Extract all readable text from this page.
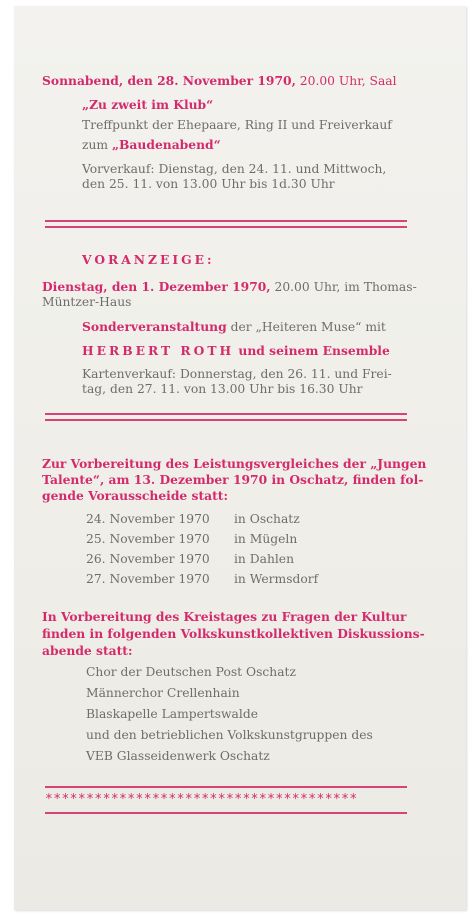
Sonnabend, den 28. November 1970, 20.00 Uhr, Saal
„Zu zweit im Klub“
Treffpunkt der Ehepaare, Ring II und Freiverkauf
zum „Baudenabend“
Vorverkauf: Dienstag, den 24. 11. und Mittwoch,
den 25. 11. von 13.00 Uhr bis 1d.30 Uhr
VORANZEIGE:
Dienstag, den 1. Dezember 1970, 20.00 Uhr, im Thomas-
Müntzer-Haus
Sonderveranstaltung der „Heiteren Muse“ mit
HERBERT ROTH und seinem Ensemble
Kartenverkauf: Donnerstag, den 26. 11. und Frei-
tag, den 27. 11. von 13.00 Uhr bis 16.30 Uhr
Zur Vorbereitung des Leistungsvergleiches der „Jungen
Talente“, am 13. Dezember 1970 in Oschatz, finden fol-
gende Vorausscheide statt:
24. November 1970 in Oschatz
25. November 1970 in Mügeln
26. November 1970 in Dahlen
27. November 1970 in Wermsdorf
In Vorbereitung des Kreistages zu Fragen der Kultur
finden in folgenden Volkskunstkollektiven Diskussions-
abende statt:
Chor der Deutschen Post Oschatz
Männerchor Crellenhain
Blaskapelle Lampertswalde
und den betrieblichen Volkskunstgruppen des
VEB Glasseidenwerk Oschatz
**************************************
